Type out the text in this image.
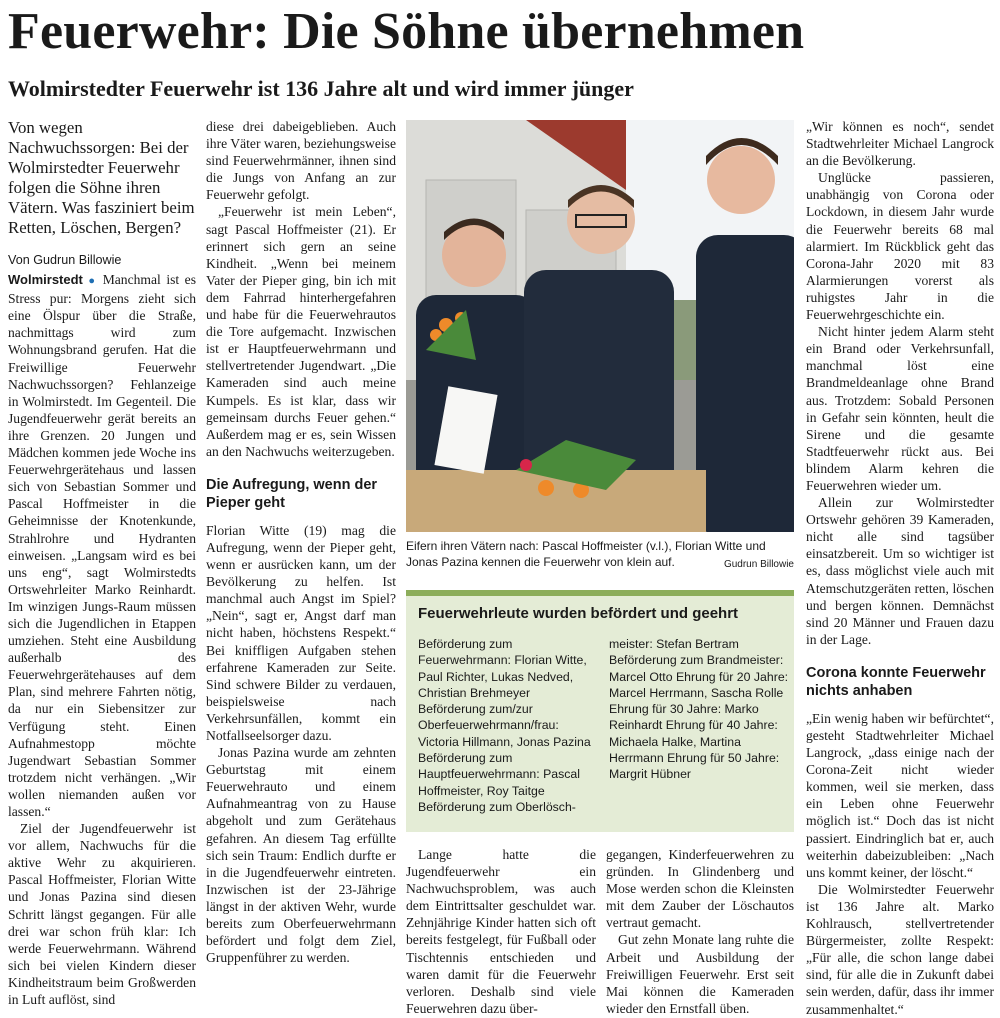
Feuerwehr: Die Söhne übernehmen
Wolmirstedter Feuerwehr ist 136 Jahre alt und wird immer jünger
Von wegen Nachwuchssorgen: Bei der Wolmirstedter Feuerwehr folgen die Söhne ihren Vätern. Was fasziniert beim Retten, Löschen, Bergen?
Von Gudrun Billowie

Wolmirstedt ● Manchmal ist es Stress pur: Morgens zieht sich eine Ölspur über die Straße, nachmittags wird zum Wohnungsbrand gerufen. Hat die Freiwillige Feuerwehr Nachwuchssorgen? Fehlanzeige in Wolmirstedt. Im Gegenteil. Die Jugendfeuerwehr gerät bereits an ihre Grenzen. 20 Jungen und Mädchen kommen jede Woche ins Feuerwehrgerätehaus und lassen sich von Sebastian Sommer und Pascal Hoffmeister in die Geheimnisse der Knotenkunde, Strahlrohre und Hydranten einweisen. „Langsam wird es bei uns eng“, sagt Wolmirstedts Ortswehrleiter Marko Reinhardt. Im winzigen Jungs-Raum müssen sich die Jugendlichen in Etappen umziehen. Steht eine Ausbildung außerhalb des Feuerwehrgerätehauses auf dem Plan, sind mehrere Fahrten nötig, da nur ein Siebensitzer zur Verfügung steht. Einen Aufnahmestopp möchte Jugendwart Sebastian Sommer trotzdem nicht verhängen. „Wir wollen niemanden außen vor lassen.“

Ziel der Jugendfeuerwehr ist vor allem, Nachwuchs für die aktive Wehr zu akquirieren. Pascal Hoffmeister, Florian Witte und Jonas Pazina sind diesen Schritt längst gegangen. Für alle drei war schon früh klar: Ich werde Feuerwehrmann. Während sich bei vielen Kindern dieser Kindheitstraum beim Großwerden in Luft auflöst, sind

diese drei dabeigeblieben. Auch ihre Väter waren, beziehungsweise sind Feuerwehrmänner, ihnen sind die Jungs von Anfang an zur Feuerwehr gefolgt.

„Feuerwehr ist mein Leben“, sagt Pascal Hoffmeister (21). Er erinnert sich gern an seine Kindheit. „Wenn bei meinem Vater der Pieper ging, bin ich mit dem Fahrrad hinterhergefahren und habe für die Feuerwehrautos die Tore aufgemacht. Inzwischen ist er Hauptfeuerwehrmann und stellvertretender Jugendwart. „Die Kameraden sind auch meine Kumpels. Es ist klar, dass wir gemeinsam durchs Feuer gehen.“ Außerdem mag er es, sein Wissen an den Nachwuchs weiterzugeben.

Die Aufregung, wenn der Pieper geht

Florian Witte (19) mag die Aufregung, wenn der Pieper geht, wenn er ausrücken kann, um der Bevölkerung zu helfen. Ist manchmal auch Angst im Spiel? „Nein“, sagt er, Angst darf man nicht haben, höchstens Respekt.“ Bei kniffligen Aufgaben stehen erfahrene Kameraden zur Seite. Sind schwere Bilder zu verdauen, beispielsweise nach Verkehrsunfällen, kommt ein Notfallseelsorger dazu.

Jonas Pazina wurde am zehnten Geburtstag mit einem Feuerwehrauto und einem Aufnahmeantrag von zu Hause abgeholt und zum Gerätehaus gefahren. An diesem Tag erfüllte sich sein Traum: Endlich durfte er in die Jugendfeuerwehr eintreten. Inzwischen ist der 23-Jährige längst in der aktiven Wehr, wurde bereits zum Oberfeuerwehrmann befördert und folgt dem Ziel, Gruppenführer zu werden.

Eifern ihren Vätern nach: Pascal Hoffmeister (v.l.), Florian Witte und Jonas Pazina kennen die Feuerwehr von klein auf.	Gudrun Billowie
Feuerwehrleute wurden befördert und geehrt
Beförderung zum Feuerwehrmann: Florian Witte, Paul Richter, Lukas Nedved, Christian Brehmeyer Beförderung zum/zur Oberfeuerwehrmann/frau: Victoria Hillmann, Jonas Pazina Beförderung zum Hauptfeuerwehrmann: Pascal Hoffmeister, Roy Taitge Beförderung zum Oberlösch-
meister: Stefan Bertram Beförderung zum Brandmeister: Marcel Otto Ehrung für 20 Jahre: Marcel Herrmann, Sascha Rolle Ehrung für 30 Jahre: Marko Reinhardt Ehrung für 40 Jahre: Michaela Halke, Martina Herrmann Ehrung für 50 Jahre: Margrit Hübner

Lange hatte die Jugendfeuerwehr ein Nachwuchsproblem, was auch dem Eintrittsalter geschuldet war. Zehnjährige Kinder hatten sich oft bereits festgelegt, für Fußball oder Tischtennis entschieden und waren damit für die Feuerwehr verloren. Deshalb sind viele Feuerwehren dazu über-

gegangen, Kinderfeuerwehren zu gründen. In Glindenberg und Mose werden schon die Kleinsten mit dem Zauber der Löschautos vertraut gemacht.

Gut zehn Monate lang ruhte die Arbeit und Ausbildung der Freiwilligen Feuerwehr. Erst seit Mai können die Kameraden wieder den Ernstfall üben.

„Wir können es noch“, sendet Stadtwehrleiter Michael Langrock an die Bevölkerung.

Unglücke passieren, unabhängig von Corona oder Lockdown, in diesem Jahr wurde die Feuerwehr bereits 68 mal alarmiert. Im Rückblick geht das Corona-Jahr 2020 mit 83 Alarmierungen vorerst als ruhigstes Jahr in die Feuerwehrgeschichte ein.

Nicht hinter jedem Alarm steht ein Brand oder Verkehrsunfall, manchmal löst eine Brandmeldeanlage ohne Brand aus. Trotzdem: Sobald Personen in Gefahr sein könnten, heult die Sirene und die gesamte Stadtfeuerwehr rückt aus. Bei blindem Alarm kehren die Feuerwehren wieder um.

Allein zur Wolmirstedter Ortswehr gehören 39 Kameraden, nicht alle sind tagsüber einsatzbereit. Um so wichtiger ist es, dass möglichst viele auch mit Atemschutzgeräten retten, löschen und bergen können. Demnächst sind 20 Männer und Frauen dazu in der Lage.

Corona konnte Feuerwehr nichts anhaben

„Ein wenig haben wir befürchtet“, gesteht Stadtwehrleiter Michael Langrock, „dass einige nach der Corona-Zeit nicht wieder kommen, weil sie merken, dass ein Leben ohne Feuerwehr möglich ist.“ Doch das ist nicht passiert. Eindringlich bat er, auch weiterhin dabeizubleiben: „Nach uns kommt keiner, der löscht.“

Die Wolmirstedter Feuerwehr ist 136 Jahre alt. Marko Kohlrausch, stellvertretender Bürgermeister, zollte Respekt: „Für alle, die schon lange dabei sind, für alle die in Zukunft dabei sein werden, dafür, dass ihr immer zusammenhaltet.“
